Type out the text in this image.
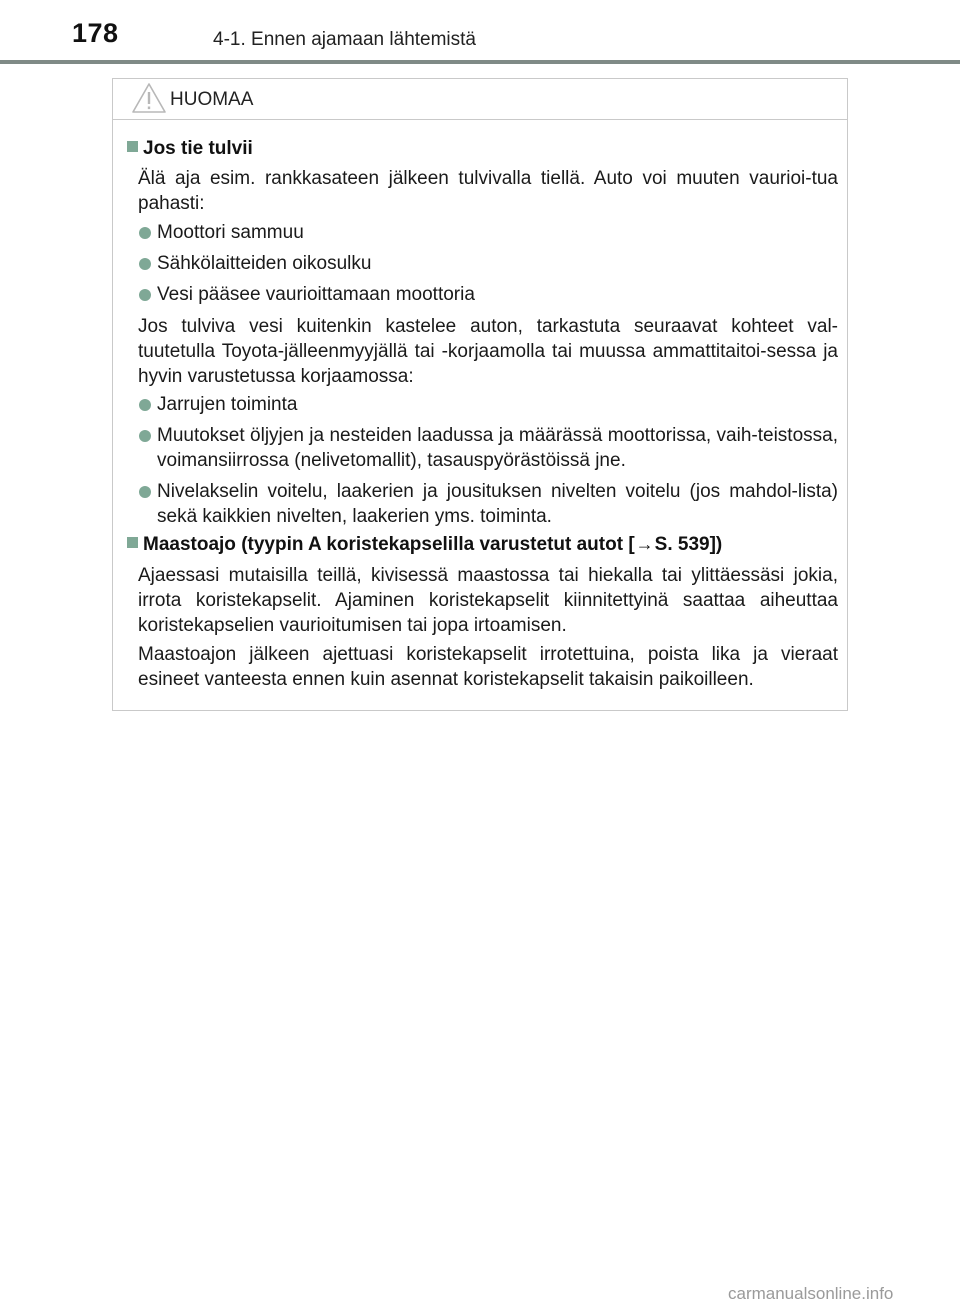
178	4-1. Ennen ajamaan lähtemistä
HUOMAA
Jos tie tulvii
Älä aja esim. rankkasateen jälkeen tulvivalla tiellä. Auto voi muuten vaurioi-tua pahasti:
Moottori sammuu
Sähkölaitteiden oikosulku
Vesi pääsee vaurioittamaan moottoria
Jos tulviva vesi kuitenkin kastelee auton, tarkastuta seuraavat kohteet val-tuutetulla Toyota-jälleenmyyjällä tai -korjaamolla tai muussa ammattitaitoi-sessa ja hyvin varustetussa korjaamossa:
Jarrujen toiminta
Muutokset öljyjen ja nesteiden laadussa ja määrässä moottorissa, vaih-teistossa, voimansiirrossa (nelivetomallit), tasauspyörästöissä jne.
Nivelakselin voitelu, laakerien ja jousituksen nivelten voitelu (jos mahdol-lista) sekä kaikkien nivelten, laakerien yms. toiminta.
Maastoajo (tyypin A koristekapselilla varustetut autot [→S. 539])
Ajaessasi mutaisilla teillä, kivisessä maastossa tai hiekalla tai ylittäessäsi jokia, irrota koristekapselit. Ajaminen koristekapselit kiinnitettyinä saattaa aiheuttaa koristekapselien vaurioitumisen tai jopa irtoamisen.
Maastoajon jälkeen ajettuasi koristekapselit irrotettuina, poista lika ja vieraat esineet vanteesta ennen kuin asennat koristekapselit takaisin paikoilleen.
carmanualsonline.info
